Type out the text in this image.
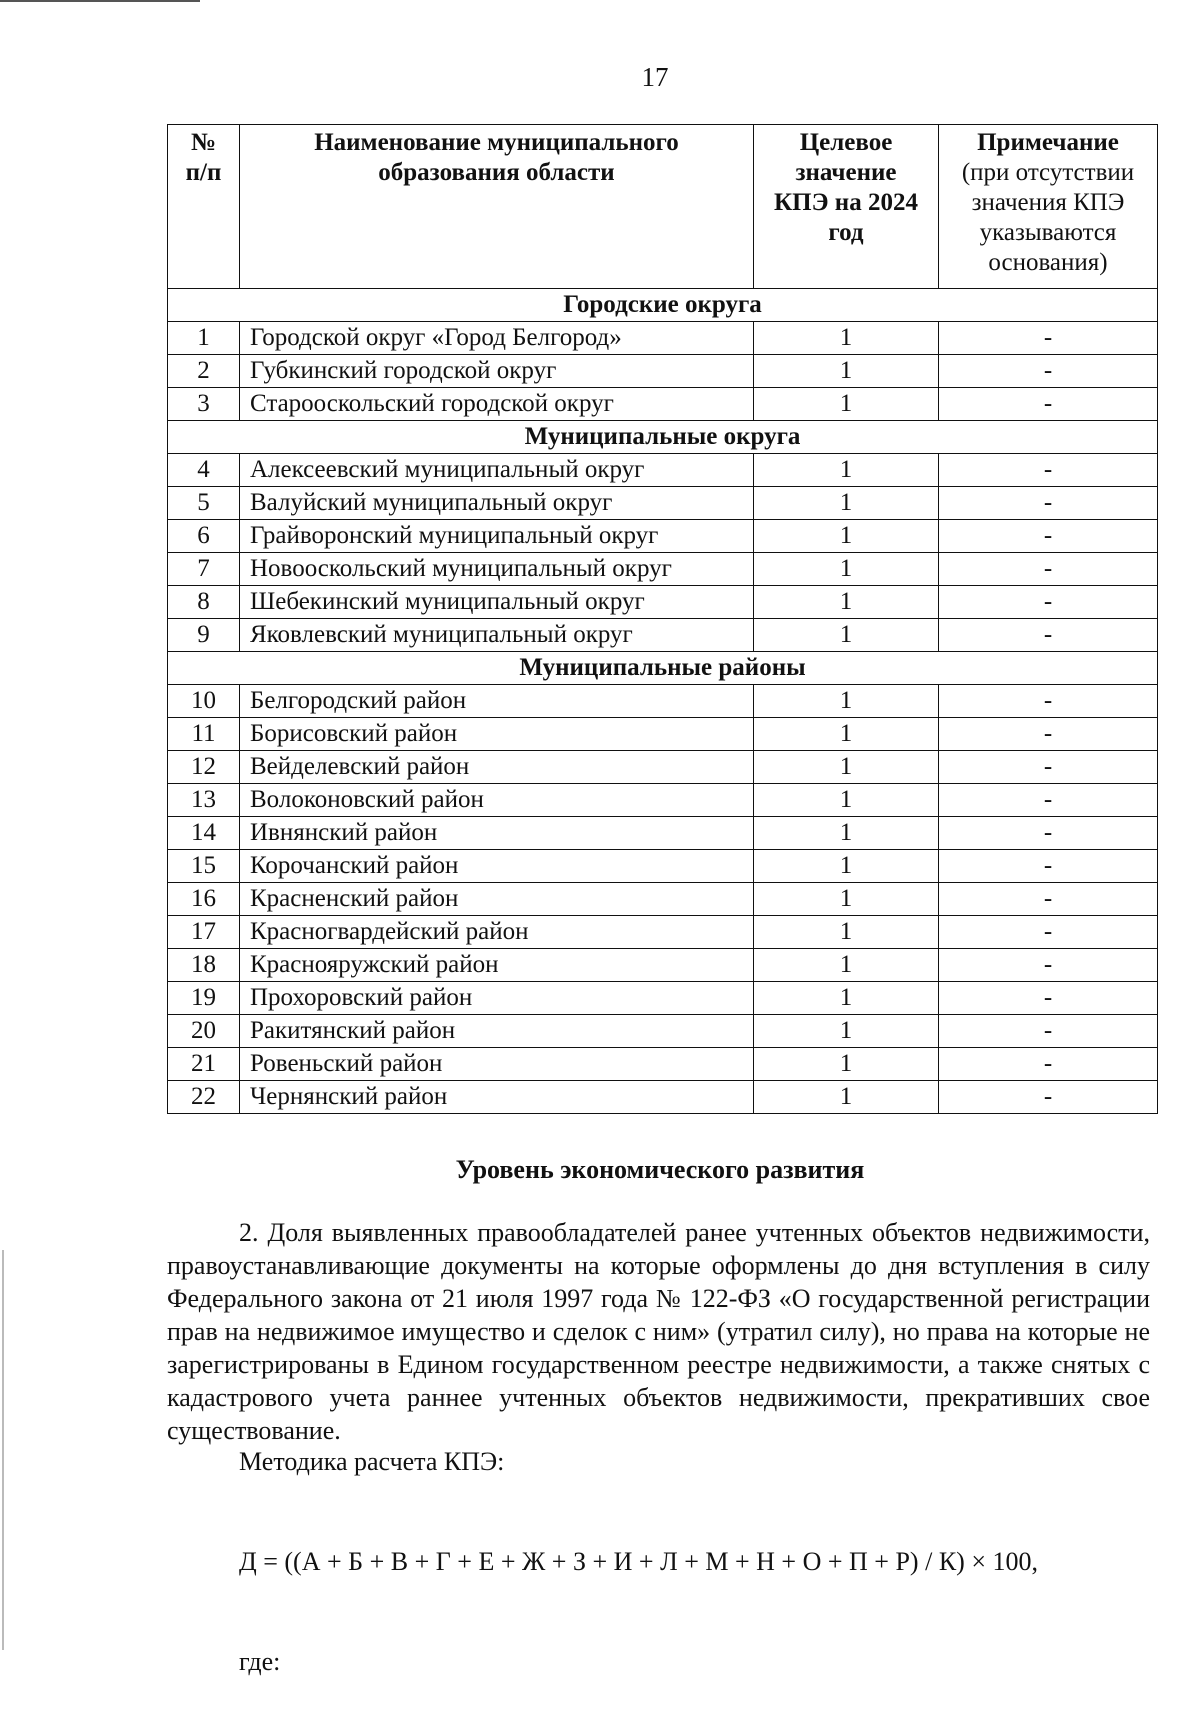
17
№ п/п	Наименование муниципального образования области	Целевое значение КПЭ на 2024 год	Примечание
(при отсутствии значения КПЭ указываются основания)
Городские округа			
1	Городской округ «Город Белгород»	1	-
2	Губкинский городской округ	1	-
3	Старооскольский городской округ	1	-
Муниципальные округа			
4	Алексеевский муниципальный округ	1	-
5	Валуйский муниципальный округ	1	-
6	Грайворонский муниципальный округ	1	-
7	Новооскольский муниципальный округ	1	-
8	Шебекинский муниципальный округ	1	-
9	Яковлевский муниципальный округ	1	-
Муниципальные районы			
10	Белгородский район	1	-
11	Борисовский район	1	-
12	Вейделевский район	1	-
13	Волоконовский район	1	-
14	Ивнянский район	1	-
15	Корочанский район	1	-
16	Красненский район	1	-
17	Красногвардейский район	1	-
18	Краснояружский район	1	-
19	Прохоровский район	1	-
20	Ракитянский район	1	-
21	Ровеньский район	1	-
22	Чернянский район	1	-
Уровень экономического развития
2. Доля выявленных правообладателей ранее учтенных объектов недвижимости, правоустанавливающие документы на которые оформлены до дня вступления в силу Федерального закона от 21 июля 1997 года № 122-ФЗ «О государственной регистрации прав на недвижимое имущество и сделок с ним» (утратил силу), но права на которые не зарегистрированы в Едином государственном реестре недвижимости, а также снятых с кадастрового учета раннее учтенных объектов недвижимости, прекративших свое существование.
Методика расчета КПЭ:
Д = ((А + Б + В + Г + Е + Ж + З + И + Л + М + Н + О + П + Р) / К) × 100,
где:
